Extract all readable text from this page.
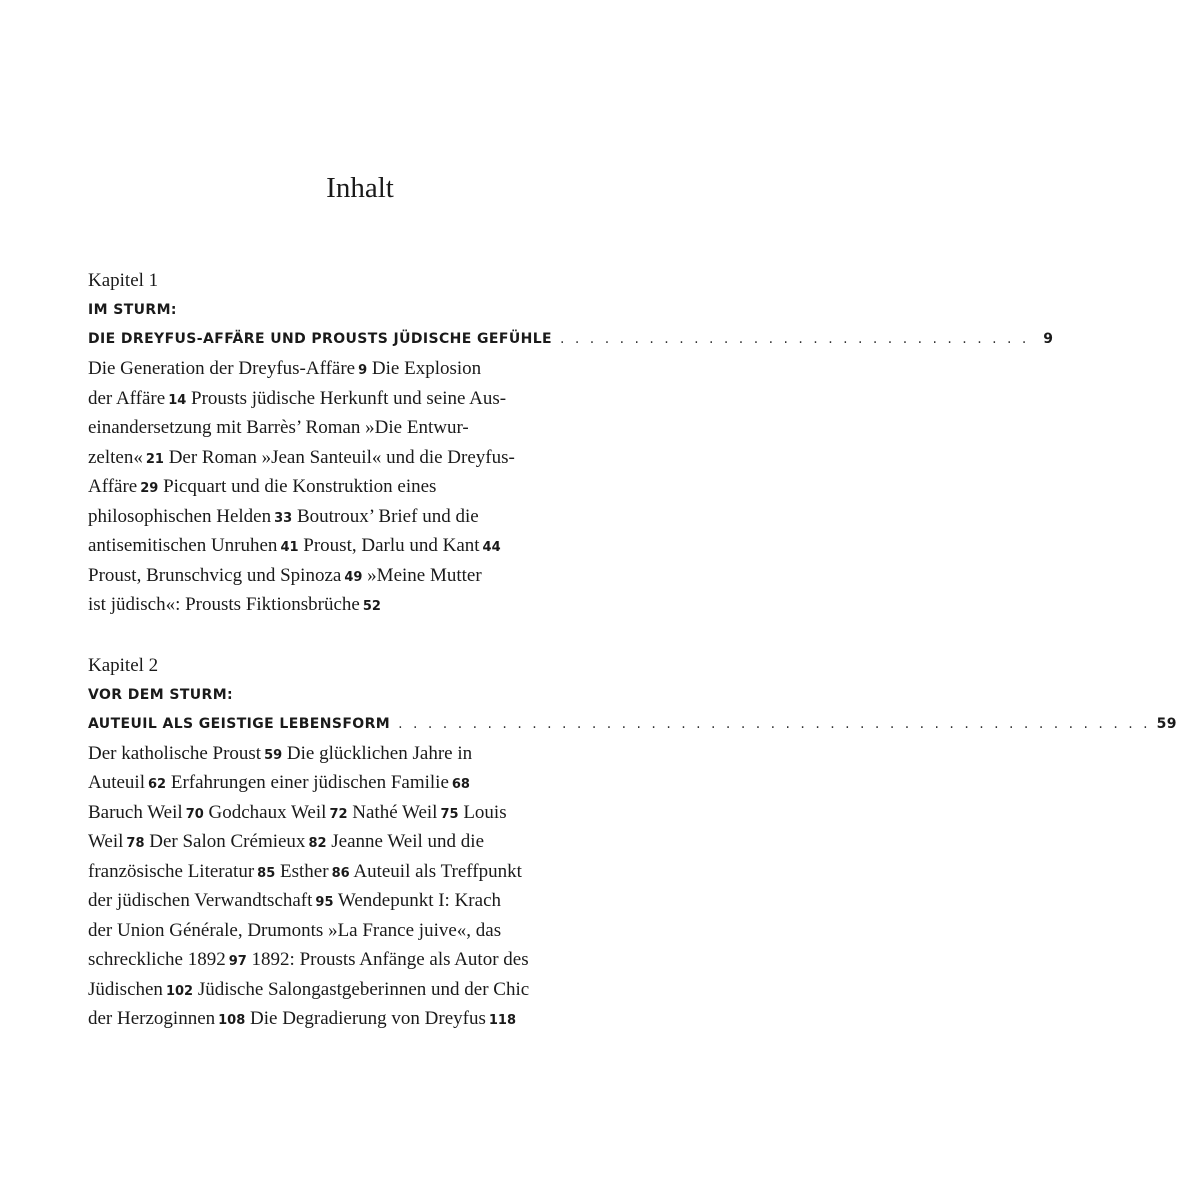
Inhalt
Kapitel 1
IM STURM:
DIE DREYFUS-AFFÄRE UND PROUSTS JÜDISCHE GEFÜHLE . . . . . . . . . . . . . . . . . . . . . . . . . . . . . . . . 9
Die Generation der Dreyfus-Affäre 9 Die Explosion
der Affäre 14 Prousts jüdische Herkunft und seine Aus-
einandersetzung mit Barrès’ Roman »Die Entwur-
zelten« 21 Der Roman »Jean Santeuil« und die Dreyfus-
Affäre 29 Picquart und die Konstruktion eines
philosophischen Helden 33 Boutroux’ Brief und die
antisemitischen Unruhen 41 Proust, Darlu und Kant 44
Proust, Brunschvicg und Spinoza 49 »Meine Mutter
ist jüdisch«: Prousts Fiktionsbrüche 52
Kapitel 2
VOR DEM STURM:
AUTEUIL ALS GEISTIGE LEBENSFORM . . . . . . . . . . . . . . . . . . . . . . . . . . . . . . . . . . . . . . . . . . . . . . . . . . . 59
Der katholische Proust 59 Die glücklichen Jahre in
Auteuil 62 Erfahrungen einer jüdischen Familie 68
Baruch Weil 70 Godchaux Weil 72 Nathé Weil 75 Louis
Weil 78 Der Salon Crémieux 82 Jeanne Weil und die
französische Literatur 85 Esther 86 Auteuil als Treffpunkt
der jüdischen Verwandtschaft 95 Wendepunkt I: Krach
der Union Générale, Drumonts »La France juive«, das
schreckliche 1892 97 1892: Prousts Anfänge als Autor des
Jüdischen 102 Jüdische Salongastgeberinnen und der Chic
der Herzoginnen 108 Die Degradierung von Dreyfus 118
